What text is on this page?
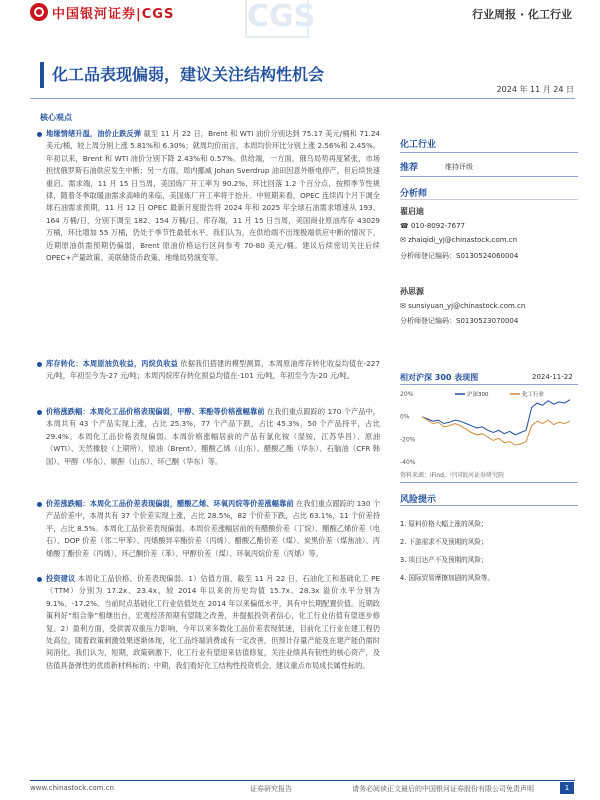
中国银河证券|CGS CGS	行业周报 · 化工行业
化工品表现偏弱，建议关注结构性机会
2024 年 11 月 24 日
核心观点
地缘情绪升温，油价止跌反弹 截至 11 月 22 日，Brent 和 WTI 油价分别达到 75.17 美元/桶和 71.24 美元/桶，较上周分别上涨 5.81%和 6.30%；就周均价而言，本周均价环比分别上涨 2.56%和 2.45%。年初以来，Brent 和 WTI 油价分别下降 2.43%和 0.57%。供给端，一方面，俄乌局势再度紧张，市场担忧俄罗斯石油供应发生中断；另一方面，周内挪威 Johan Sverdrup 油田因意外断电停产，但后续快速重启。需求端，11 月 15 日当周，美国炼厂开工率为 90.2%，环比回落 1.2 个百分点，按照季节性规律，随着冬季取暖油需求高峰的来临，美国炼厂开工率将于抬升。中短期来看，OPEC 连续四个月下调全球石油需求预期，11 月 12 日 OPEC 最新月度报告将 2024 年和 2025 年全球石油需求增速从 193、164 万桶/日，分别下调至 182、154 万桶/日。库存端，11 月 15 日当周，美国商业原油库存 43029 万桶，环比增加 55 万桶，仍处于季节性最低水平。我们认为，在供给端不出现极端供应中断的情况下，近期原油供需预期仍偏弱，Brent 原油价格运行区间参考 70-80 美元/桶。建议后续密切关注后续 OPEC+产量政策、美联储货币政策、地缘局势演变等。
库存转化：本周原油负收益，丙烷负收益 依据我们搭建的模型测算，本周原油库存转化收益均值在-227 元/吨，年初至今为-27 元/吨；本周丙烷库存转化损益均值在-101 元/吨，年初至今为-20 元/吨。
价格涨跌幅：本周化工品价格表现偏弱，甲醇、苯酚等价格涨幅靠前 在我们重点跟踪的 170 个产品中，本周共有 43 个产品实现上涨，占比 25.3%，77 个产品下跌，占比 45.3%，50 个产品持平，占比 29.4%。本周化工品价格表现偏弱。本周价格涨幅居前的产品有氯化铵（湿铵，江苏华昌）、原油（WTI）、天然橡胶（上期所）、原油（Brent）、醋酸乙烯（山东）、醋酸乙酯（华东）、石脑油（CFR 韩国）、甲醇（华东）、顺酐（山东）、环己酮（华东）等。
价差涨跌幅：本周化工品价差表现偏弱，醋酸乙烯、环氧丙烷等价差涨幅靠前 在我们重点跟踪的 130 个产品价差中，本周共有 37 个价差实现上涨，占比 28.5%，82 个价差下跌，占比 63.1%，11 个价差持平，占比 8.5%。本周化工品价差表现偏弱。本周价差涨幅居前的有醋酸价差（丁烷）、醋酸乙烯价差（电石）、DOP 价差（邻二甲苯）、丙烯酸异辛酯价差（丙烯）、醋酸乙酯价差（煤）、炭黑价差（煤焦油）、丙烯酸丁酯价差（丙烯）、环己酮价差（苯）、甲醇价差（煤）、环氧丙烷价差（丙烯）等。
投资建议 本周化工品价格、价差表现偏弱。1）估值方面，截至 11 月 22 日，石油化工和基础化工 PE（TTM）分别为 17.2x、23.4x，较 2014 年以来的历史均值 15.7x、28.3x 溢价水平分别为 9.1%、-17.2%。当前时点基础化工行业估值处在 2014 年以来偏低水平，具有中长期配置价值。近期政策利好“组合拳”相继出台，宏观经济预期有望随之改善，并提振投资者信心，化工行业估值有望逐步修复。2）盈利方面，受供需双重压力影响，今年以来多数化工品价差表现低迷，目前化工行业在建工程仍处高位，随着政策刺激效果逐渐体现，化工品终端消费或有一定改善，但预计存量产能及在建产能仍需时间消化。我们认为，短期，政策刺激下，化工行业有望迎来估值修复，关注业绩具有韧性的核心资产，及估值具备弹性的优质新材料标的；中期，我们看好化工结构性投资机会，建议重点布局成长属性标的。
化工行业
推荐	维持评级
分析师
翟启迪
☎ 010-8092-7677
✉ zhaiqidi_yj@chinastock.com.cn
分析师登记编码：S0130524060004
孙思源
✉ sunsiyuan_yj@chinastock.com.cn
分析师登记编码：S0130523070004
相对沪深 300 表现图	2024-11-22
20%
0%
-20%
-40%
沪深300	化工行业
资料来源：iFind，中国银河证券研究院
风险提示
1. 原料价格大幅上涨的风险；
2. 下游需求不及预期的风险；
3. 项目达产不及预期的风险；
4. 国际贸易摩擦加剧的风险等。
www.chinastock.com.cn	证券研究报告	请务必阅读正文最后的中国银河证券股份有限公司免责声明	1
